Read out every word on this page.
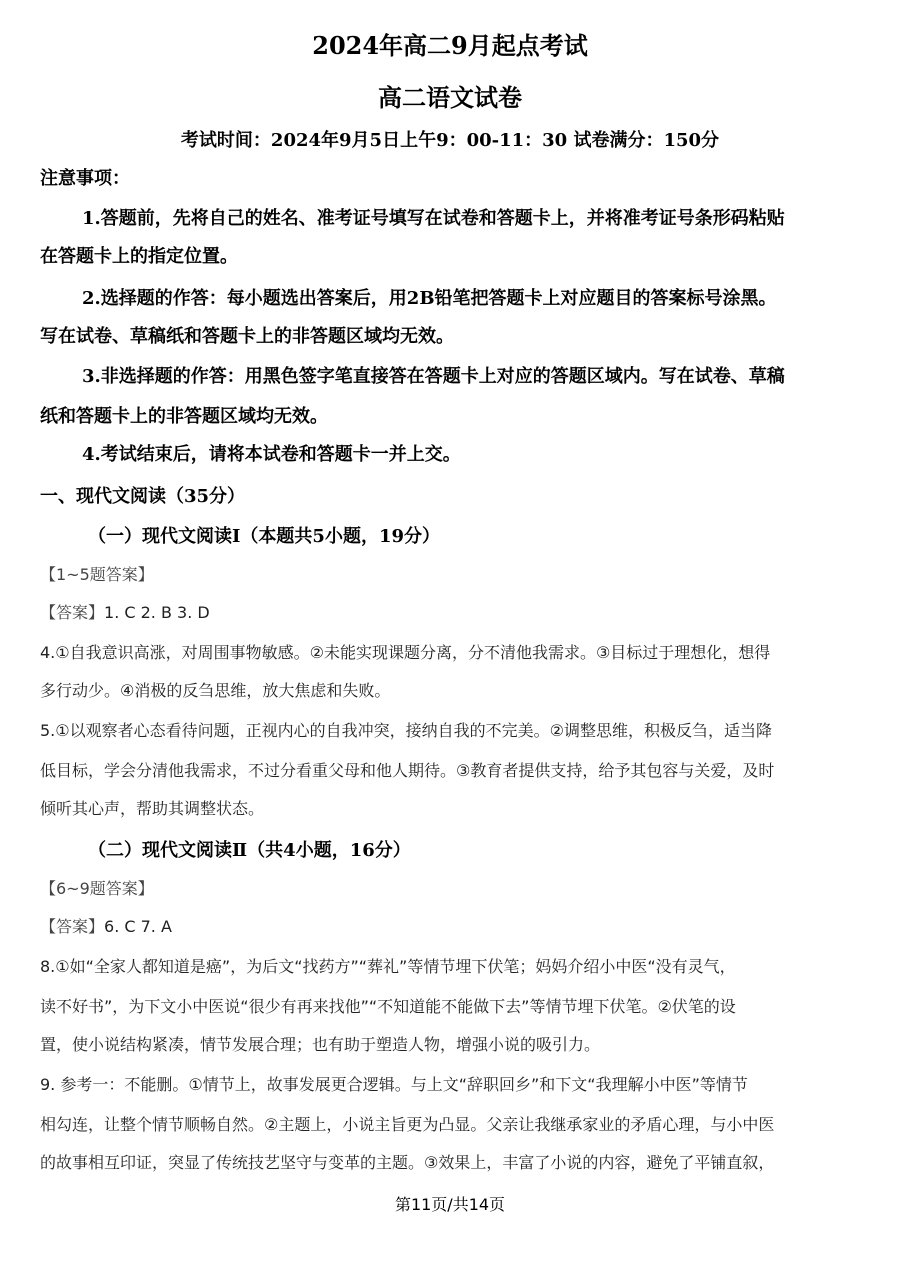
2024年高二9月起点考试
高二语文试卷
考试时间：2024年9月5日上午9：00-11：30 试卷满分：150分
注意事项：
1.答题前，先将自己的姓名、准考证号填写在试卷和答题卡上，并将准考证号条形码粘贴
在答题卡上的指定位置。
2.选择题的作答：每小题选出答案后，用2B铅笔把答题卡上对应题目的答案标号涂黑。
写在试卷、草稿纸和答题卡上的非答题区域均无效。
3.非选择题的作答：用黑色签字笔直接答在答题卡上对应的答题区域内。写在试卷、草稿
纸和答题卡上的非答题区域均无效。
4.考试结束后，请将本试卷和答题卡一并上交。
一、现代文阅读（35分）
（一）现代文阅读Ⅰ（本题共5小题，19分）
【1~5题答案】
【答案】1. C 2. B 3. D
4.①自我意识高涨，对周围事物敏感。②未能实现课题分离，分不清他我需求。③目标过于理想化，想得
多行动少。④消极的反刍思维，放大焦虑和失败。
5.①以观察者心态看待问题，正视内心的自我冲突，接纳自我的不完美。②调整思维，积极反刍，适当降
低目标，学会分清他我需求，不过分看重父母和他人期待。③教育者提供支持，给予其包容与关爱，及时
倾听其心声，帮助其调整状态。
（二）现代文阅读Ⅱ（共4小题，16分）
【6~9题答案】
【答案】6. C 7. A
8.①如“全家人都知道是癌”，为后文“找药方”“葬礼”等情节埋下伏笔；妈妈介绍小中医“没有灵气，
读不好书”，为下文小中医说“很少有再来找他”“不知道能不能做下去”等情节埋下伏笔。②伏笔的设
置，使小说结构紧凑，情节发展合理；也有助于塑造人物，增强小说的吸引力。
9. 参考一：不能删。①情节上，故事发展更合逻辑。与上文“辞职回乡”和下文“我理解小中医”等情节
相勾连，让整个情节顺畅自然。②主题上，小说主旨更为凸显。父亲让我继承家业的矛盾心理，与小中医
的故事相互印证，突显了传统技艺坚守与变革的主题。③效果上，丰富了小说的内容，避免了平铺直叙，
第11页/共14页
